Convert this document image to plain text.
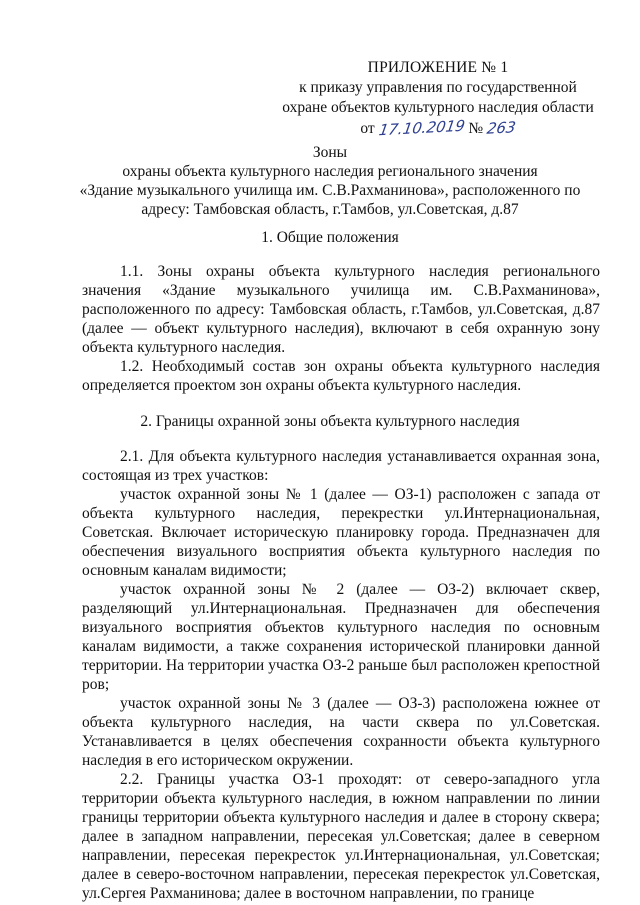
ПРИЛОЖЕНИЕ № 1
к приказу управления по государственной
охране объектов культурного наследия области
от 17.10.2019 № 263
Зоны
охраны объекта культурного наследия регионального значения
«Здание музыкального училища им. С.В.Рахманинова», расположенного по
адресу: Тамбовская область, г.Тамбов, ул.Советская, д.87
1. Общие положения

1.1. Зоны охраны объекта культурного наследия регионального значения «Здание музыкального училища им. С.В.Рахманинова», расположенного по адресу: Тамбовская область, г.Тамбов, ул.Советская, д.87 (далее — объект культурного наследия), включают в себя охранную зону объекта культурного наследия.

1.2. Необходимый состав зон охраны объекта культурного наследия определяется проектом зон охраны объекта культурного наследия.

2. Границы охранной зоны объекта культурного наследия

2.1. Для объекта культурного наследия устанавливается охранная зона, состоящая из трех участков:

участок охранной зоны № 1 (далее — ОЗ-1) расположен с запада от объекта культурного наследия, перекрестки ул.Интернациональная, Советская. Включает историческую планировку города. Предназначен для обеспечения визуального восприятия объекта культурного наследия по основным каналам видимости;

участок охранной зоны № 2 (далее — ОЗ-2) включает сквер, разделяющий ул.Интернациональная. Предназначен для обеспечения визуального восприятия объектов культурного наследия по основным каналам видимости, а также сохранения исторической планировки данной территории. На территории участка ОЗ-2 раньше был расположен крепостной ров;

участок охранной зоны № 3 (далее — ОЗ-3) расположена южнее от объекта культурного наследия, на части сквера по ул.Советская. Устанавливается в целях обеспечения сохранности объекта культурного наследия в его историческом окружении.

2.2. Границы участка ОЗ-1 проходят: от северо-западного угла территории объекта культурного наследия, в южном направлении по линии границы территории объекта культурного наследия и далее в сторону сквера; далее в западном направлении, пересекая ул.Советская; далее в северном направлении, пересекая перекресток ул.Интернациональная, ул.Советская; далее в северо-восточном направлении, пересекая перекресток ул.Советская, ул.Сергея Рахманинова; далее в восточном направлении, по границе
